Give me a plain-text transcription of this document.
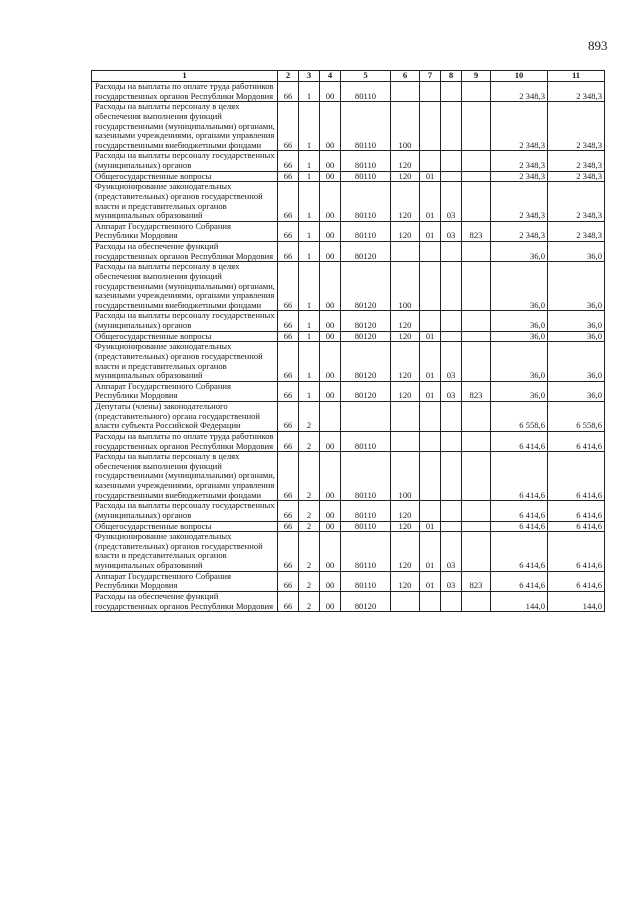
893
1	2	3	4	5	6	7	8	9	10	11
Расходы на выплаты по оплате труда работников государственных органов Республики Мордовия	66	1	00	80110					2 348,3	2 348,3
Расходы на выплаты персоналу в целях обеспечения выполнения функций государственными (муниципальными) органами, казенными учреждениями, органами управления государственными внебюджетными фондами	66	1	00	80110	100				2 348,3	2 348,3
Расходы на выплаты персоналу государственных (муниципальных) органов	66	1	00	80110	120				2 348,3	2 348,3
Общегосударственные вопросы	66	1	00	80110	120	01			2 348,3	2 348,3
Функционирование законодательных (представительных) органов государственной власти и представительных органов муниципальных образований	66	1	00	80110	120	01	03		2 348,3	2 348,3
Аппарат Государственного Собрания Республики Мордовия	66	1	00	80110	120	01	03	823	2 348,3	2 348,3
Расходы на обеспечение функций государственных органов Республики Мордовия	66	1	00	80120					36,0	36,0
Расходы на выплаты персоналу в целях обеспечения выполнения функций государственными (муниципальными) органами, казенными учреждениями, органами управления государственными внебюджетными фондами	66	1	00	80120	100				36,0	36,0
Расходы на выплаты персоналу государственных (муниципальных) органов	66	1	00	80120	120				36,0	36,0
Общегосударственные вопросы	66	1	00	80120	120	01			36,0	36,0
Функционирование законодательных (представительных) органов государственной власти и представительных органов муниципальных образований	66	1	00	80120	120	01	03		36,0	36,0
Аппарат Государственного Собрания Республики Мордовия	66	1	00	80120	120	01	03	823	36,0	36,0
Депутаты (члены) законодательного (представительного) органа государственной власти субъекта Российской Федерации	66	2							6 558,6	6 558,6
Расходы на выплаты по оплате труда работников государственных органов Республики Мордовия	66	2	00	80110					6 414,6	6 414,6
Расходы на выплаты персоналу в целях обеспечения выполнения функций государственными (муниципальными) органами, казенными учреждениями, органами управления государственными внебюджетными фондами	66	2	00	80110	100				6 414,6	6 414,6
Расходы на выплаты персоналу государственных (муниципальных) органов	66	2	00	80110	120				6 414,6	6 414,6
Общегосударственные вопросы	66	2	00	80110	120	01			6 414,6	6 414,6
Функционирование законодательных (представительных) органов государственной власти и представительных органов муниципальных образований	66	2	00	80110	120	01	03		6 414,6	6 414,6
Аппарат Государственного Собрания Республики Мордовия	66	2	00	80110	120	01	03	823	6 414,6	6 414,6
Расходы на обеспечение функций государственных органов Республики Мордовия	66	2	00	80120					144,0	144,0
